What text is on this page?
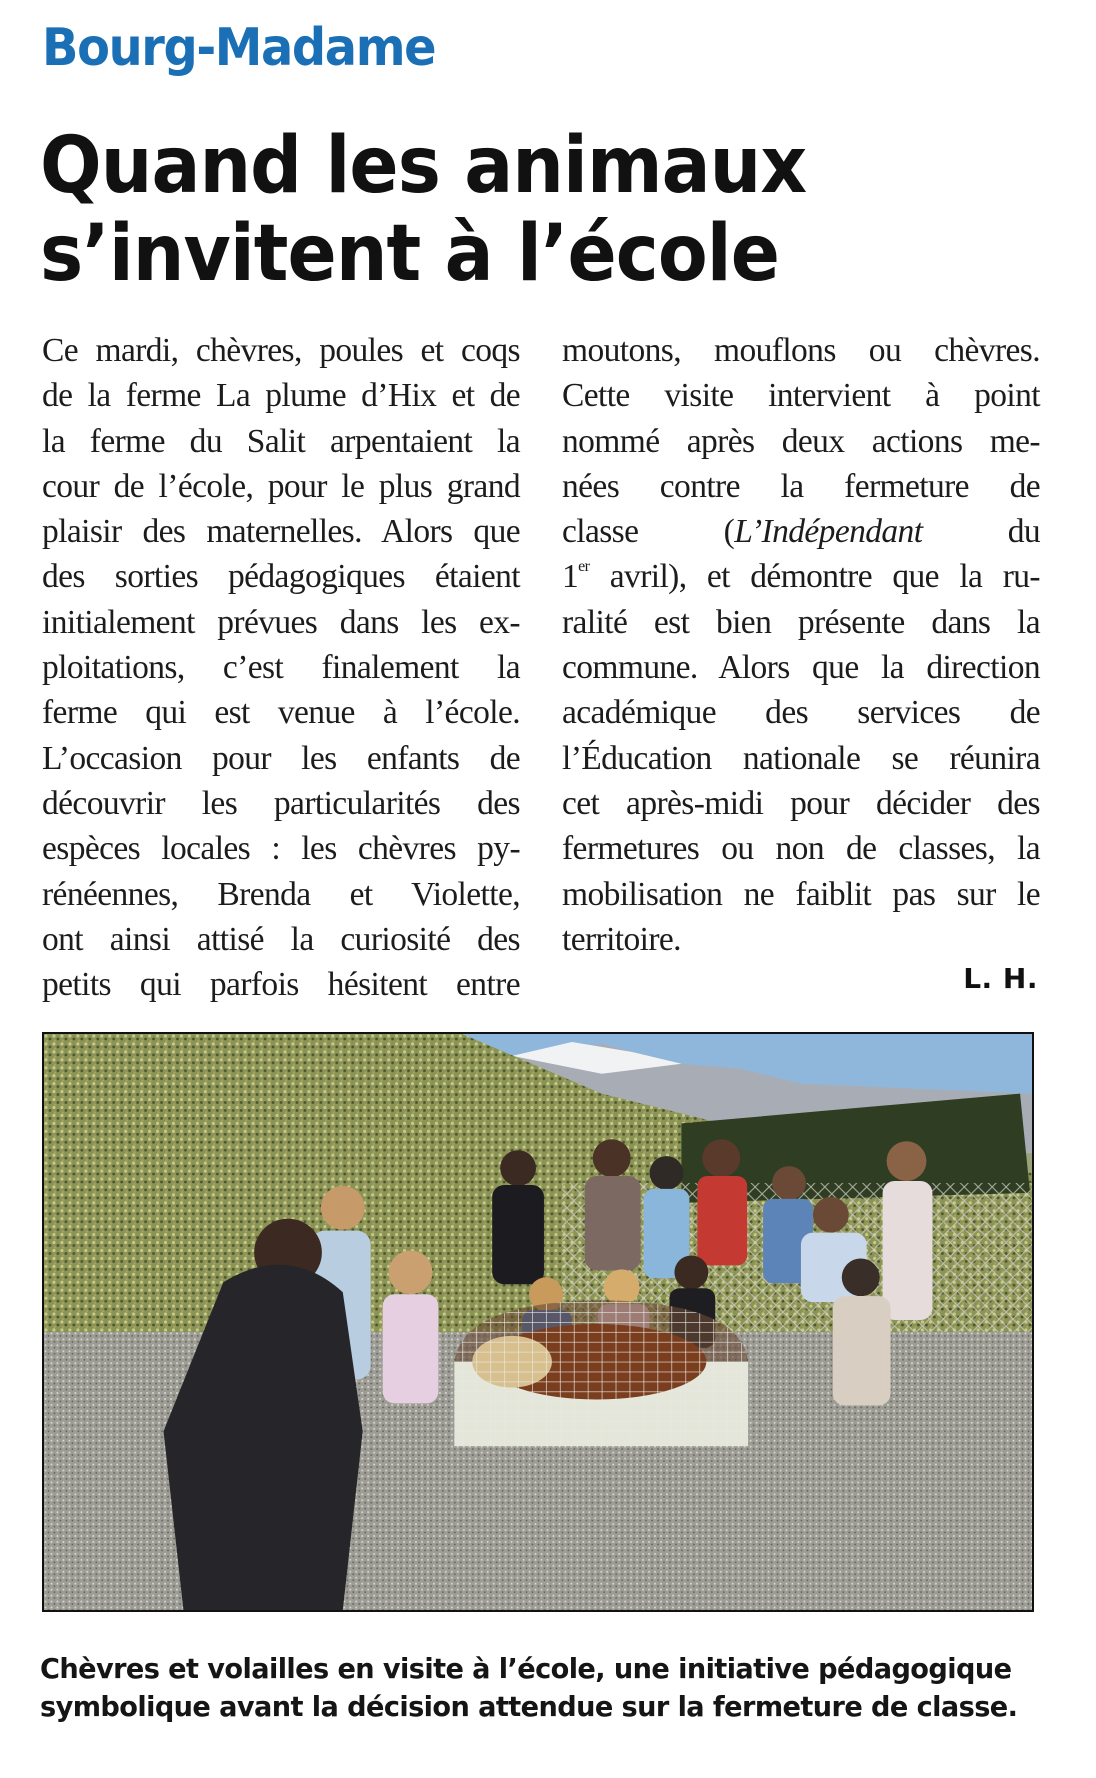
Bourg-Madame
Quand les animaux
s’invitent à l’école
Ce mardi, chèvres, poules et coqs
de la ferme La plume d’Hix et de
la ferme du Salit arpentaient la
cour de l’école, pour le plus grand
plaisir des maternelles. Alors que
des sorties pédagogiques étaient
initialement prévues dans les ex-
ploitations, c’est finalement la
ferme qui est venue à l’école.
L’occasion pour les enfants de
découvrir les particularités des
espèces locales : les chèvres py-
rénéennes, Brenda et Violette,
ont ainsi attisé la curiosité des
petits qui parfois hésitent entre
moutons, mouflons ou chèvres.
Cette visite intervient à point
nommé après deux actions me-
nées contre la fermeture de
classe (L’Indépendant du
1er avril), et démontre que la ru-
ralité est bien présente dans la
commune. Alors que la direction
académique des services de
l’Éducation nationale se réunira
cet après-midi pour décider des
fermetures ou non de classes, la
mobilisation ne faiblit pas sur le
territoire.
L. H.

Chèvres et volailles en visite à l’école, une initiative pédagogique
symbolique avant la décision attendue sur la fermeture de classe.
